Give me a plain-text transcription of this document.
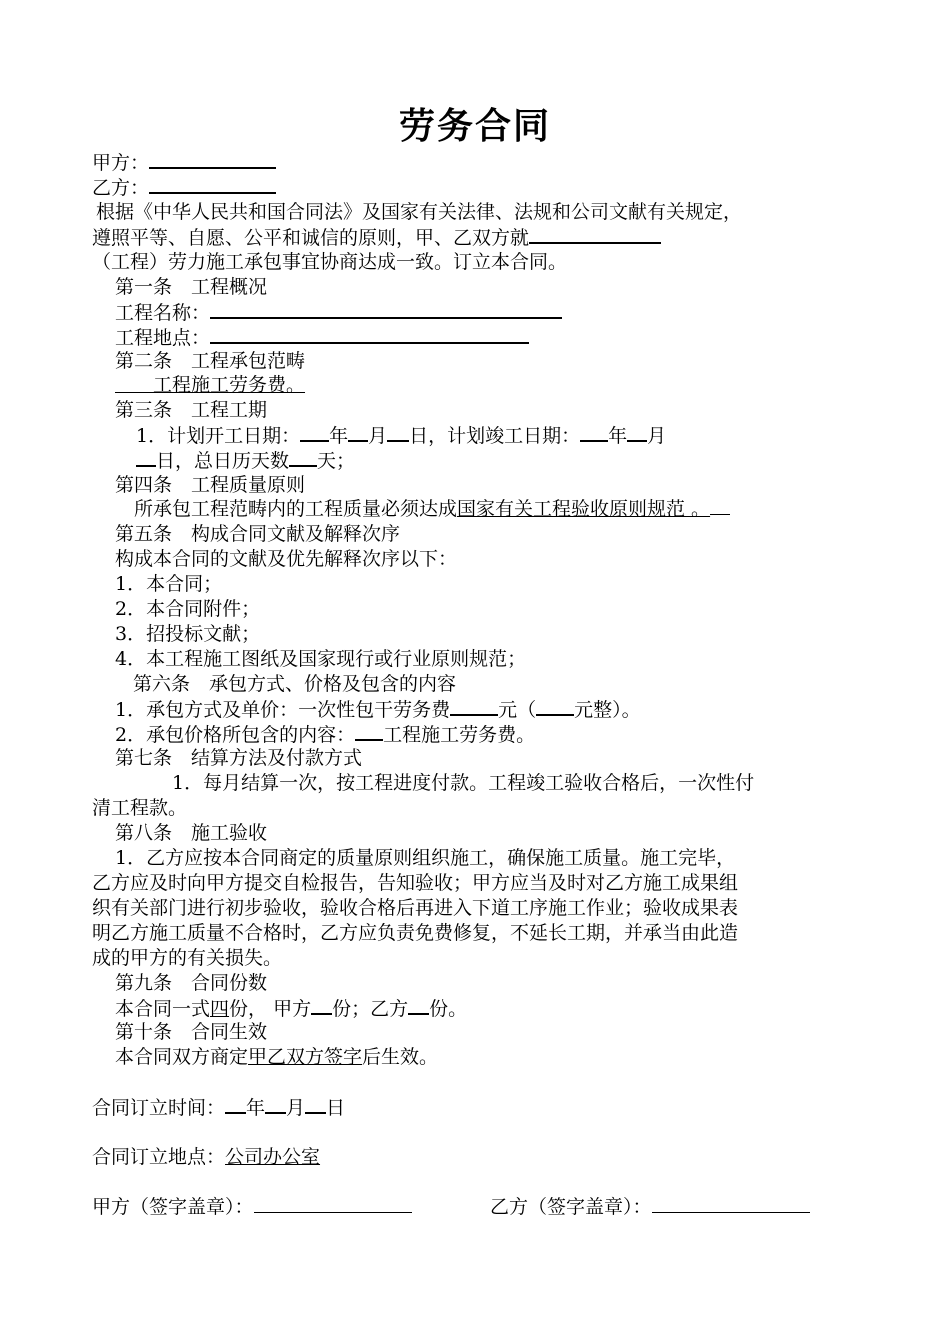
劳务合同
甲方：
乙方：
根据《中华人民共和国合同法》及国家有关法律、法规和公司文献有关规定，
遵照平等、自愿、公平和诚信的原则，甲、乙双方就
（工程）劳力施工承包事宜协商达成一致。订立本合同。
第一条　工程概况
工程名称：
工程地点：
第二条　工程承包范畴
　　工程施工劳务费。
第三条　工程工期
1．计划开工日期： 年 月 日，计划竣工日期： 年 月
日，总日历天数 天；
第四条　工程质量原则
所承包工程范畴内的工程质量必须达成国家有关工程验收原则规范 。
第五条　构成合同文献及解释次序
构成本合同的文献及优先解释次序以下：
1．本合同；
2．本合同附件；
3．招投标文献；
4．本工程施工图纸及国家现行或行业原则规范；
第六条　承包方式、价格及包含的内容
1．承包方式及单价：一次性包干劳务费	元（ 元整）。
2．承包价格所包含的内容： 工程施工劳务费。
第七条　结算方法及付款方式
1．每月结算一次，按工程进度付款。工程竣工验收合格后，一次性付
清工程款。
第八条　施工验收
1．乙方应按本合同商定的质量原则组织施工，确保施工质量。施工完毕，
乙方应及时向甲方提交自检报告，告知验收；甲方应当及时对乙方施工成果组
织有关部门进行初步验收，验收合格后再进入下道工序施工作业；验收成果表
明乙方施工质量不合格时，乙方应负责免费修复，不延长工期，并承当由此造
成的甲方的有关损失。
第九条　合同份数
本合同一式四份， 甲方 份；乙方 份。
第十条　合同生效
本合同双方商定甲乙双方签字后生效。
合同订立时间： 年 月 日
合同订立地点：公司办公室
甲方（签字盖章）：	乙方（签字盖章）：
